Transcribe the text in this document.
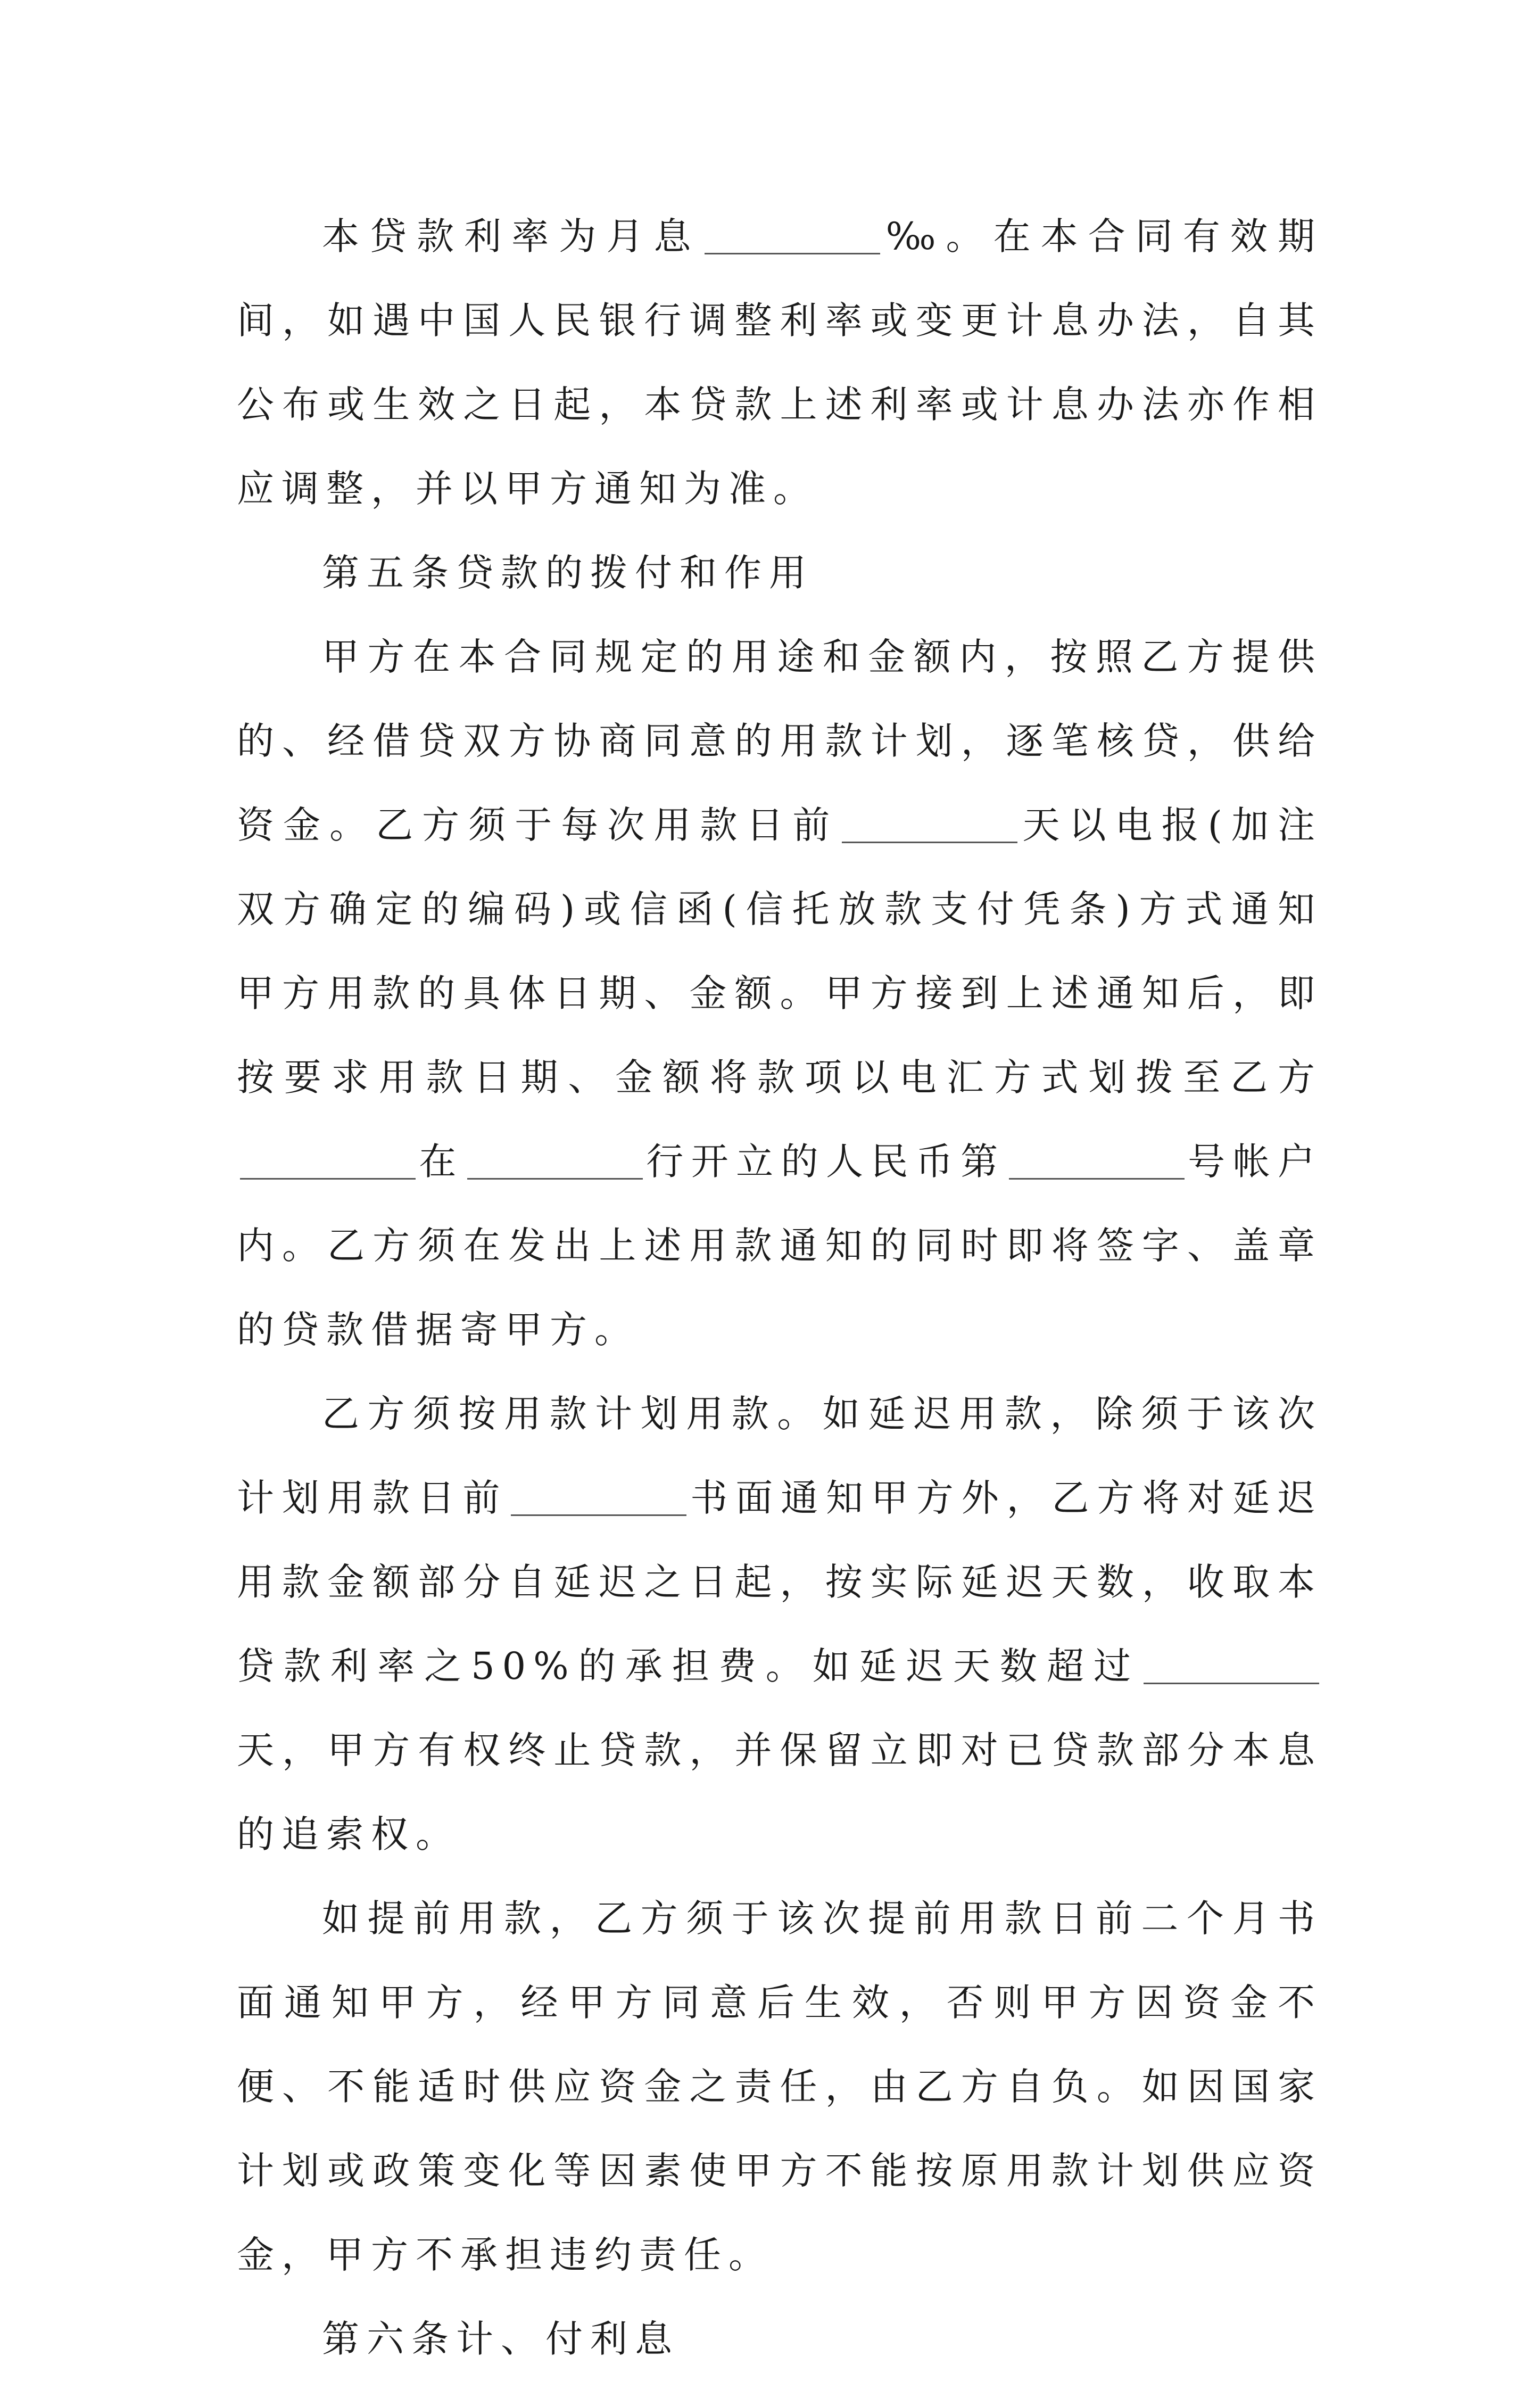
本贷款利率为月息	‰。在本合同有效期间，如遇中国人民银行调整利率或变更计息办法，自其公布或生效之日起，本贷款上述利率或计息办法亦作相应调整，并以甲方通知为准。

第五条贷款的拨付和作用

甲方在本合同规定的用途和金额内，按照乙方提供的、经借贷双方协商同意的用款计划，逐笔核贷，供给资金。乙方须于每次用款日前	天以电报(加注双方确定的编码)或信函(信托放款支付凭条)方式通知甲方用款的具体日期、金额。甲方接到上述通知后，即按要求用款日期、金额将款项以电汇方式划拨至乙方在	行开立的人民币第	号帐户内。乙方须在发出上述用款通知的同时即将签字、盖章的贷款借据寄甲方。

乙方须按用款计划用款。如延迟用款，除须于该次计划用款日前	书面通知甲方外，乙方将对延迟用款金额部分自延迟之日起，按实际延迟天数，收取本贷款利率之50%的承担费。如延迟天数超过天，甲方有权终止贷款，并保留立即对已贷款部分本息的追索权。

如提前用款，乙方须于该次提前用款日前二个月书面通知甲方，经甲方同意后生效，否则甲方因资金不便、不能适时供应资金之责任，由乙方自负。如因国家计划或政策变化等因素使甲方不能按原用款计划供应资金，甲方不承担违约责任。

第六条计、付利息
